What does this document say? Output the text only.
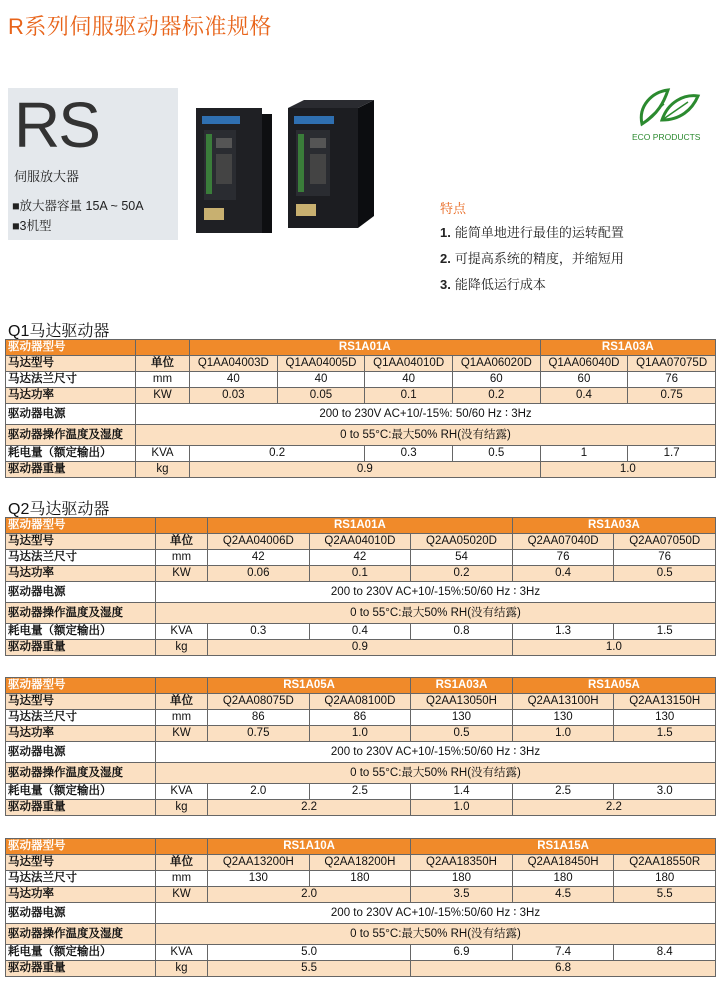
R系列伺服驱动器标准规格
RS
伺服放大器
■放大器容量 15A ~ 50A
■3机型
ECO PRODUCTS
特点
1. 能简单地进行最佳的运转配置
2. 可提高系统的精度，并缩短用
3. 能降低运行成本
Q1马达驱动器
驱动器型号		RS1A01A				RS1A03A	
马达型号	单位	Q1AA04003D	Q1AA04005D	Q1AA04010D	Q1AA06020D	Q1AA06040D	Q1AA07075D
马达法兰尺寸	mm	40	40	40	60	60	76
马达功率	KW	0.03	0.05	0.1	0.2	0.4	0.75
驱动器电源	200 to 230V AC+10/-15%: 50/60 Hz ∶ 3Hz						
驱动器操作温度及湿度	0 to 55°C:最大50% RH(没有结露)						
耗电量（额定输出）	KVA	0.2		0.3	0.5	1	1.7
驱动器重量	kg	0.9				1.0	
Q2马达驱动器
驱动器型号		RS1A01A			RS1A03A	
马达型号	单位	Q2AA04006D	Q2AA04010D	Q2AA05020D	Q2AA07040D	Q2AA07050D
马达法兰尺寸	mm	42	42	54	76	76
马达功率	KW	0.06	0.1	0.2	0.4	0.5
驱动器电源	200 to 230V AC+10/-15%:50/60 Hz ∶ 3Hz					
驱动器操作温度及湿度	0 to 55°C:最大50% RH(没有结露)					
耗电量（额定输出）	KVA	0.3	0.4	0.8	1.3	1.5
驱动器重量	kg	0.9			1.0	
驱动器型号		RS1A05A		RS1A03A	RS1A05A	
马达型号	单位	Q2AA08075D	Q2AA08100D	Q2AA13050H	Q2AA13100H	Q2AA13150H
马达法兰尺寸	mm	86	86	130	130	130
马达功率	KW	0.75	1.0	0.5	1.0	1.5
驱动器电源	200 to 230V AC+10/-15%:50/60 Hz ∶ 3Hz					
驱动器操作温度及湿度	0 to 55°C:最大50% RH(没有结露)					
耗电量（额定输出）	KVA	2.0	2.5	1.4	2.5	3.0
驱动器重量	kg	2.2		1.0	2.2	
驱动器型号		RS1A10A		RS1A15A		
马达型号	单位	Q2AA13200H	Q2AA18200H	Q2AA18350H	Q2AA18450H	Q2AA18550R
马达法兰尺寸	mm	130	180	180	180	180
马达功率	KW	2.0		3.5	4.5	5.5
驱动器电源	200 to 230V AC+10/-15%:50/60 Hz ∶ 3Hz					
驱动器操作温度及湿度	0 to 55°C:最大50% RH(没有结露)					
耗电量（额定输出）	KVA	5.0		6.9	7.4	8.4
驱动器重量	kg	5.5		6.8		
